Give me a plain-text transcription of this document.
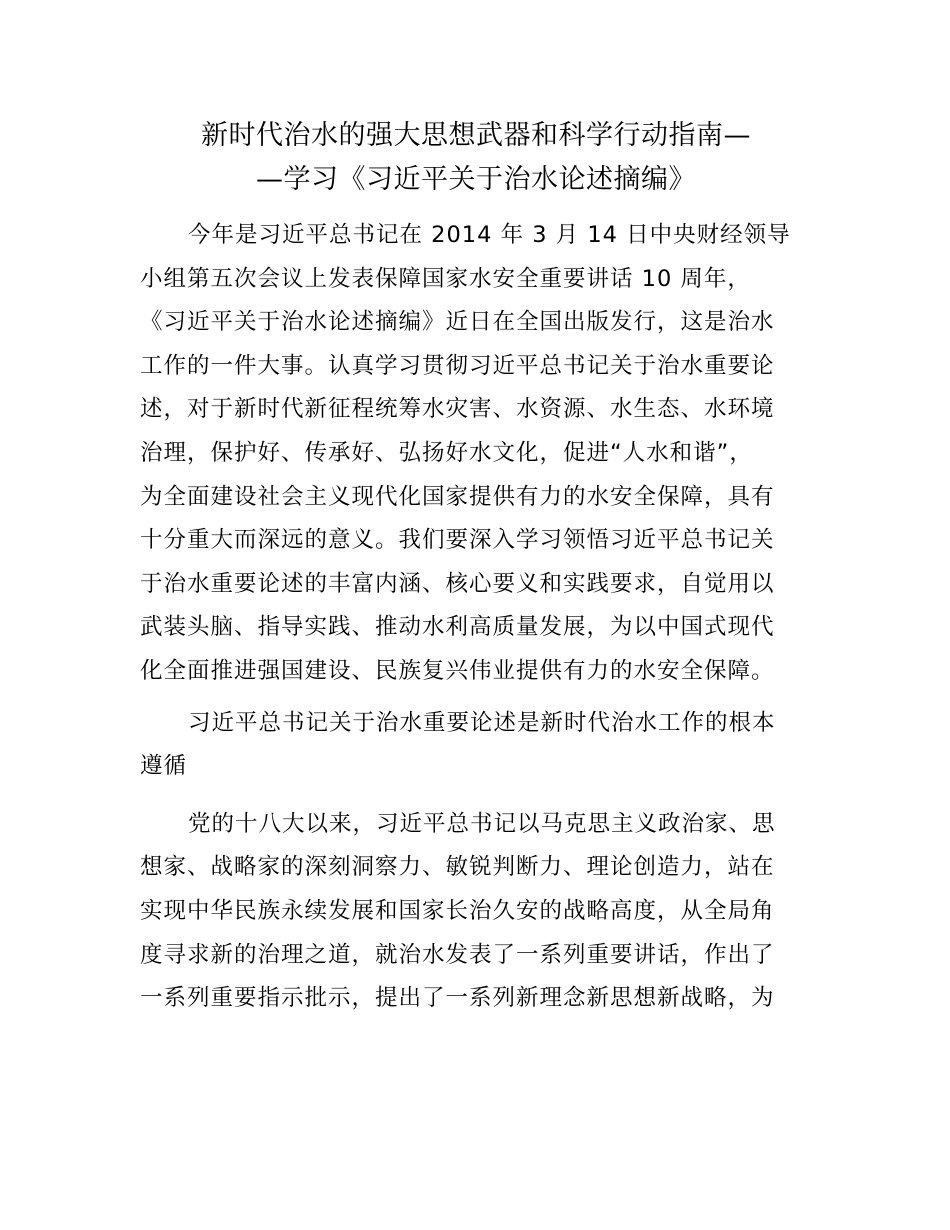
新时代治水的强大思想武器和科学行动指南—
—学习《习近平关于治水论述摘编》

今年是习近平总书记在 2014 年 3 月 14 日中央财经领导
小组第五次会议上发表保障国家水安全重要讲话 10 周年，
《习近平关于治水论述摘编》近日在全国出版发行，这是治水
工作的一件大事。认真学习贯彻习近平总书记关于治水重要论
述，对于新时代新征程统筹水灾害、水资源、水生态、水环境
治理，保护好、传承好、弘扬好水文化，促进“人水和谐”，
为全面建设社会主义现代化国家提供有力的水安全保障，具有
十分重大而深远的意义。我们要深入学习领悟习近平总书记关
于治水重要论述的丰富内涵、核心要义和实践要求，自觉用以
武装头脑、指导实践、推动水利高质量发展，为以中国式现代
化全面推进强国建设、民族复兴伟业提供有力的水安全保障。

习近平总书记关于治水重要论述是新时代治水工作的根本
遵循

党的十八大以来，习近平总书记以马克思主义政治家、思
想家、战略家的深刻洞察力、敏锐判断力、理论创造力，站在
实现中华民族永续发展和国家长治久安的战略高度，从全局角
度寻求新的治理之道，就治水发表了一系列重要讲话，作出了
一系列重要指示批示，提出了一系列新理念新思想新战略，为
